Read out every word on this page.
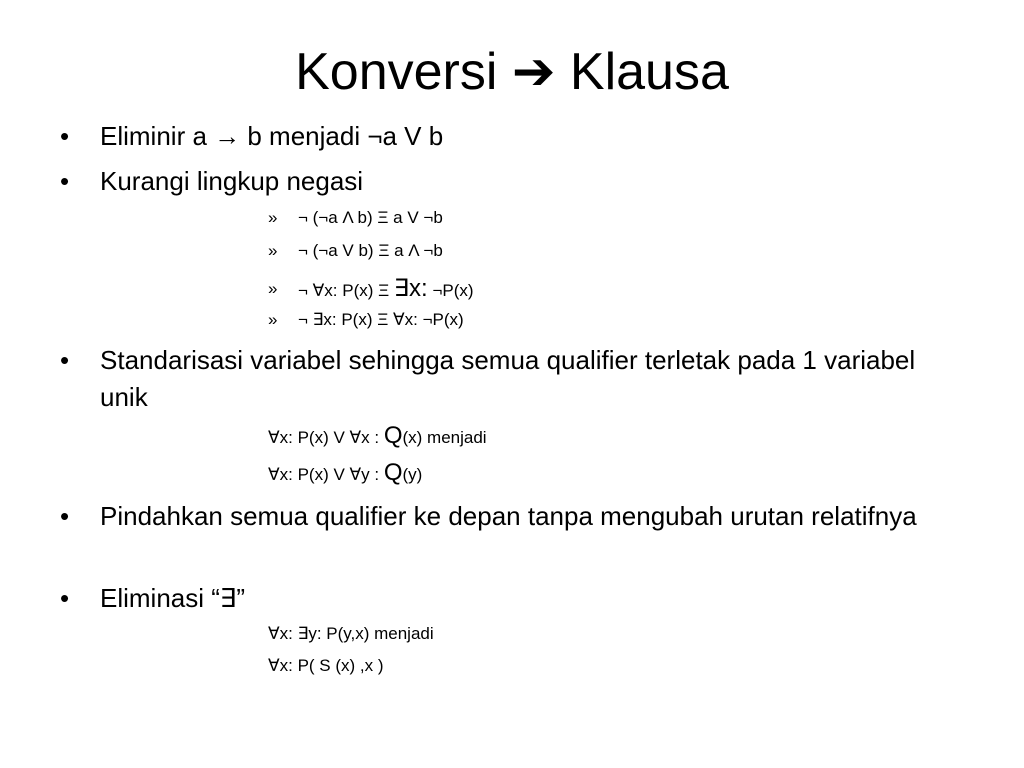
Konversi ➔ Klausa
• Eliminir a → b menjadi ¬a V b
• Kurangi lingkup negasi
» ¬ (¬a Λ b) Ξ a V ¬b
» ¬ (¬a V b) Ξ a Λ ¬b
» ¬ ∀x: P(x) Ξ ∃x: ¬P(x)
» ¬ ∃x: P(x) Ξ ∀x: ¬P(x)
• Standarisasi variabel sehingga semua qualifier terletak pada 1 variabel unik
∀x: P(x) V ∀x : Q(x) menjadi
∀x: P(x) V ∀y : Q(y)
• Pindahkan semua qualifier ke depan tanpa mengubah urutan relatifnya
• Eliminasi “∃”
∀x: ∃y: P(y,x) menjadi
∀x: P( S (x) ,x )
